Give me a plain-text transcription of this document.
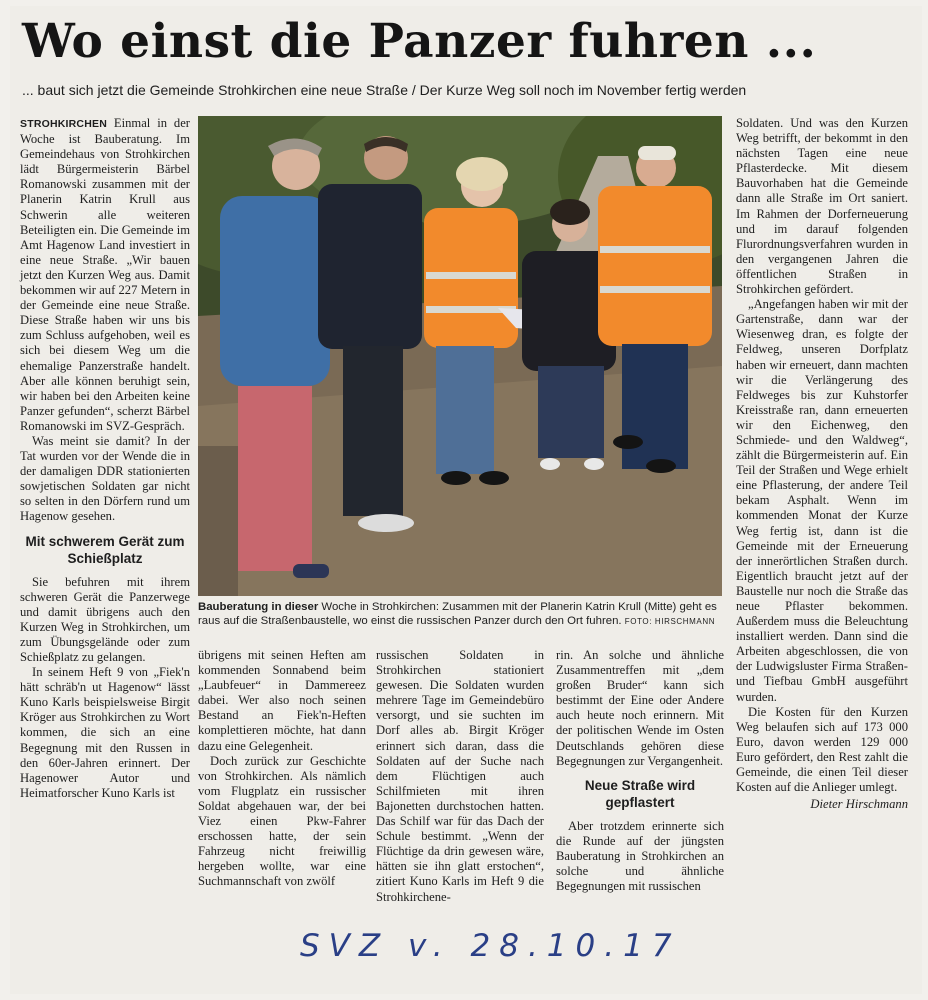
Wo einst die Panzer fuhren ...
... baut sich jetzt die Gemeinde Strohkirchen eine neue Straße / Der Kurze Weg soll noch im November fertig werden

STROHKIRCHEN Einmal in der Woche ist Bauberatung. Im Gemeindehaus von Strohkirchen lädt Bürgermeisterin Bärbel Romanowski zusammen mit der Planerin Katrin Krull aus Schwerin alle weiteren Beteiligten ein. Die Gemeinde im Amt Hagenow Land investiert in eine neue Straße. „Wir bauen jetzt den Kurzen Weg aus. Damit bekommen wir auf 227 Metern in der Gemeinde eine neue Straße. Diese Straße haben wir uns bis zum Schluss aufgehoben, weil es sich bei diesem Weg um die ehemalige Panzerstraße handelt. Aber alle können beruhigt sein, wir haben bei den Arbeiten keine Panzer gefunden“, scherzt Bärbel Romanowski im SVZ-Gespräch.

Was meint sie damit? In der Tat wurden vor der Wende die in der damaligen DDR stationierten sowjetischen Soldaten gar nicht so selten in den Dörfern rund um Hagenow gesehen.

Mit schwerem Gerät zum Schießplatz

Sie befuhren mit ihrem schweren Gerät die Panzerwege und damit übrigens auch den Kurzen Weg in Strohkirchen, um zum Übungsgelände oder zum Schießplatz zu gelangen.

In seinem Heft 9 von „Fiek'n hätt schräb'n ut Hagenow“ lässt Kuno Karls beispielsweise Birgit Kröger aus Strohkirchen zu Wort kommen, die sich an eine Begegnung mit den Russen in den 60er-Jahren erinnert. Der Hagenower Autor und Heimatforscher Kuno Karls ist

Bauberatung in dieser Woche in Strohkirchen: Zusammen mit der Planerin Katrin Krull (Mitte) geht es raus auf die Straßenbaustelle, wo einst die russischen Panzer durch den Ort fuhren. FOTO: HIRSCHMANN

übrigens mit seinen Heften am kommenden Sonnabend beim „Laubfeuer“ in Dammereez dabei. Wer also noch seinen Bestand an Fiek'n-Heften komplettieren möchte, hat dann dazu eine Gelegenheit.

Doch zurück zur Geschichte von Strohkirchen. Als nämlich vom Flugplatz ein russischer Soldat abgehauen war, der bei Viez einen Pkw-Fahrer erschossen hatte, der sein Fahrzeug nicht freiwillig hergeben wollte, war eine Suchmannschaft von zwölf

russischen Soldaten in Strohkirchen stationiert gewesen. Die Soldaten wurden mehrere Tage im Gemeindebüro versorgt, und sie suchten im Dorf alles ab. Birgit Kröger erinnert sich daran, dass die Soldaten auf der Suche nach dem Flüchtigen auch Schilfmieten mit ihren Bajonetten durchstochen hatten. Das Schilf war für das Dach der Schule bestimmt. „Wenn der Flüchtige da drin gewesen wäre, hätten sie ihn glatt erstochen“, zitiert Kuno Karls im Heft 9 die Strohkirchene-

rin. An solche und ähnliche Zusammentreffen mit „dem großen Bruder“ kann sich bestimmt der Eine oder Andere auch heute noch erinnern. Mit der politischen Wende im Osten Deutschlands gehören diese Begegnungen zur Vergangenheit.

Neue Straße wird gepflastert

Aber trotzdem erinnerte sich die Runde auf der jüngsten Bauberatung in Strohkirchen an solche und ähnliche Begegnungen mit russischen

Soldaten. Und was den Kurzen Weg betrifft, der bekommt in den nächsten Tagen eine neue Pflasterdecke. Mit diesem Bauvorhaben hat die Gemeinde dann alle Straße im Ort saniert. Im Rahmen der Dorferneuerung und im darauf folgenden Flurordnungsverfahren wurden in den vergangenen Jahren die öffentlichen Straßen in Strohkirchen gefördert.

„Angefangen haben wir mit der Gartenstraße, dann war der Wiesenweg dran, es folgte der Feldweg, unseren Dorfplatz haben wir erneuert, dann machten wir die Verlängerung des Feldweges bis zur Kuhstorfer Kreisstraße ran, dann erneuerten wir den Eichenweg, den Schmiede- und den Waldweg“, zählt die Bürgermeisterin auf. Ein Teil der Straßen und Wege erhielt eine Pflasterung, der andere Teil bekam Asphalt. Wenn im kommenden Monat der Kurze Weg fertig ist, dann ist die Gemeinde mit der Erneuerung der innerörtlichen Straßen durch. Eigentlich braucht jetzt auf der Baustelle nur noch die Straße das neue Pflaster bekommen. Außerdem muss die Beleuchtung installiert werden. Dann sind die Arbeiten abgeschlossen, die von der Ludwigsluster Firma Straßen- und Tiefbau GmbH ausgeführt wurden.

Die Kosten für den Kurzen Weg belaufen sich auf 173 000 Euro, davon werden 129 000 Euro gefördert, den Rest zahlt die Gemeinde, die einen Teil dieser Kosten auf die Anlieger umlegt.

Dieter Hirschmann
SVZ v. 28.10.17
